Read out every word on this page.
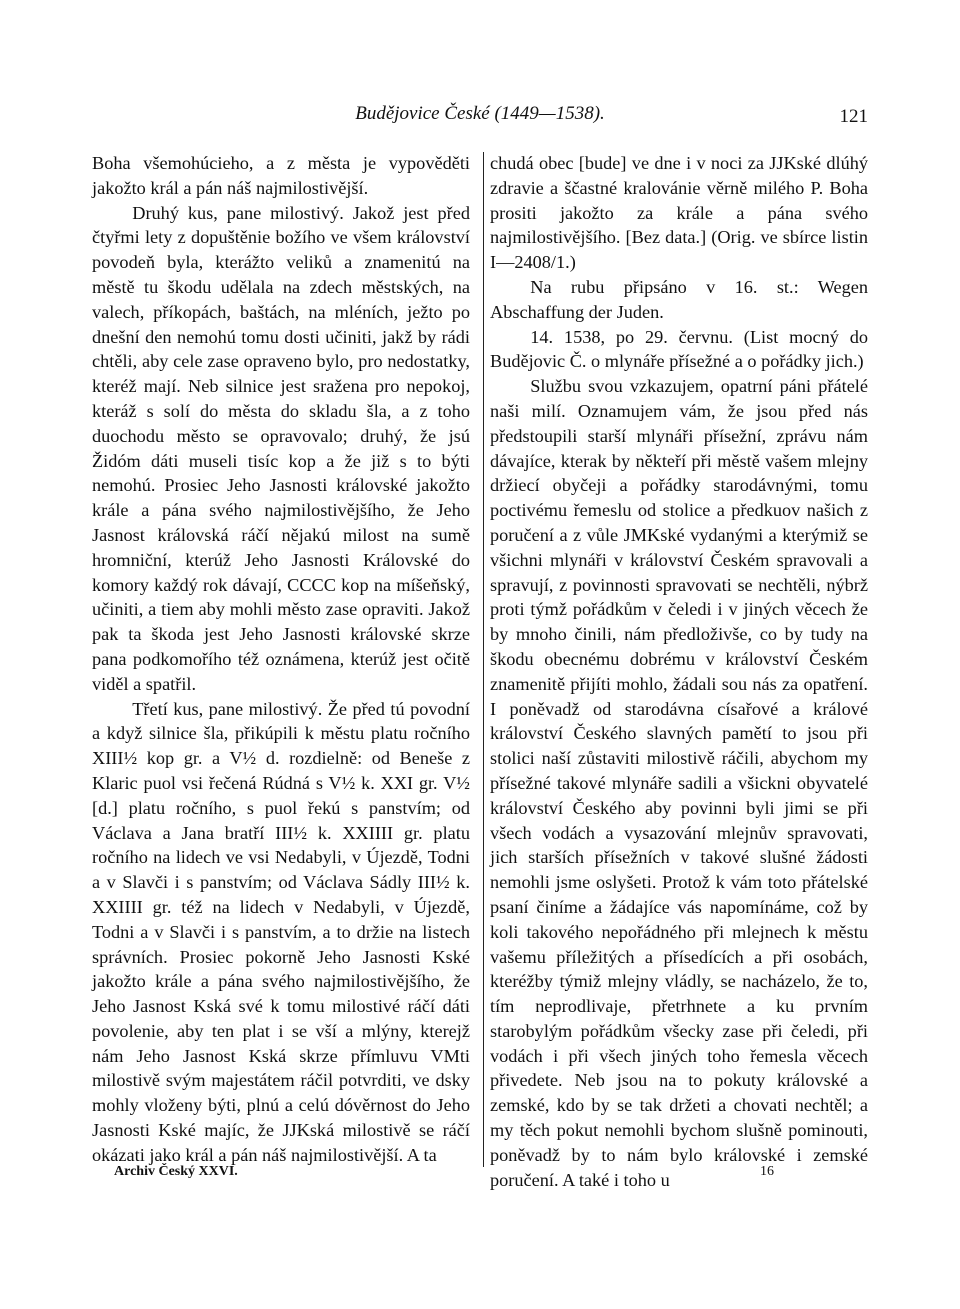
Budějovice České (1449—1538).	121

Boha všemohúcieho, a z města je vypověděti jakožto král a pán náš najmilostivější.

Druhý kus, pane milostivý. Jakož jest před čtyřmi lety z dopuštěnie božího ve všem království povodeň byla, kterážto veliků a znamenitú na městě tu škodu udělala na zdech městských, na valech, příkopách, baštách, na mléních, ježto po dnešní den nemohú tomu dosti učiniti, jakž by rádi chtěli, aby cele zase opraveno bylo, pro nedostatky, kteréž mají. Neb silnice jest sražena pro nepokoj, kteráž s solí do města do skladu šla, a z toho duochodu město se opravovalo; druhý, že jsú Židóm dáti museli tisíc kop a že již s to býti nemohú. Prosiec Jeho Jasnosti královské jakožto krále a pána svého najmilostivějšího, že Jeho Jasnost královská ráčí nějakú milost na sumě hromniční, kterúž Jeho Jasnosti Královské do komory každý rok dávají, CCCC kop na míšeňský, učiniti, a tiem aby mohli město zase opraviti. Jakož pak ta škoda jest Jeho Jasnosti královské skrze pana podkomořího též oznámena, kterúž jest očitě viděl a spatřil.

Třetí kus, pane milostivý. Že před tú povodní a když silnice šla, přikúpili k městu platu ročního XIII½ kop gr. a V½ d. rozdielně: od Beneše z Klaric puol vsi řečená Rúdná s V½ k. XXI gr. V½ [d.] platu ročního, s puol řekú s panstvím; od Václava a Jana bratří III½ k. XXIIII gr. platu ročního na lidech ve vsi Nedabyli, v Újezdě, Todni a v Slavči i s panstvím; od Václava Sádly III½ k. XXIIII gr. též na lidech v Nedabyli, v Újezdě, Todni a v Slavči i s panstvím, a to držie na listech správních. Prosiec pokorně Jeho Jasnosti Kské jakožto krále a pána svého najmilostivějšího, že Jeho Jasnost Kská své k tomu milostivé ráčí dáti povolenie, aby ten plat i se vší a mlýny, kterejž nám Jeho Jasnost Kská skrze přímluvu VMti milostivě svým majestátem ráčil potvrditi, ve dsky mohly vloženy býti, plnú a celú dóvěrnost do Jeho Jasnosti Kské majíc, že JJKská milostivě se ráčí okázati jako král a pán náš najmilostivější. A ta

chudá obec [bude] ve dne i v noci za JJKské dlúhý zdravie a ščastné kralovánie věrně milého P. Boha prositi jakožto za krále a pána svého najmilostivějšího. [Bez data.] (Orig. ve sbírce listin I—2408/1.)

Na rubu připsáno v 16. st.: Wegen Abschaffung der Juden.

14. 1538, po 29. červnu. (List mocný do Budějovic Č. o mlynáře přísežné a o pořádky jich.)

Službu svou vzkazujem, opatrní páni přátelé naši milí. Oznamujem vám, že jsou před nás předstoupili starší mlynáři přísežní, zprávu nám dávajíce, kterak by někteří při městě vašem mlejny držiecí obyčeji a pořádky starodávnými, tomu poctivému řemeslu od stolice a předkuov našich z poručení a z vůle JMKské vydanými a kterýmiž se všichni mlynáři v království Českém spravovali a spravují, z povinnosti spravovati se nechtěli, nýbrž proti týmž pořádkům v čeledi i v jiných věcech že by mnoho činili, nám předloživše, co by tudy na škodu obecnému dobrému v království Českém znamenitě přijíti mohlo, žádali sou nás za opatření. I poněvadž od starodávna císařové a králové království Českého slavných pamětí to jsou při stolici naší zůstaviti milostivě ráčili, abychom my přísežné takové mlynáře sadili a všickni obyvatelé království Českého aby povinni byli jimi se při všech vodách a vysazování mlejnův spravovati, jich starších přísežních v takové slušné žádosti nemohli jsme oslyšeti. Protož k vám toto přátelské psaní činíme a žádajíce vás napomínáme, což by koli takového nepořádného při mlejnech k městu vašemu příležitých a přísedících a při osobách, kteréžby týmiž mlejny vládly, se nacházelo, že to, tím neprodlivaje, přetrhnete a ku prvním starobylým pořádkům všecky zase při čeledi, při vodách i při všech jiných toho řemesla věcech přivedete. Neb jsou na to pokuty královské a zemské, kdo by se tak držeti a chovati nechtěl; a my těch pokut nemohli bychom slušně pominouti, poněvadž by to nám bylo královské i zemské poručení. A také i toho u

Archiv Český XXVI.	16
